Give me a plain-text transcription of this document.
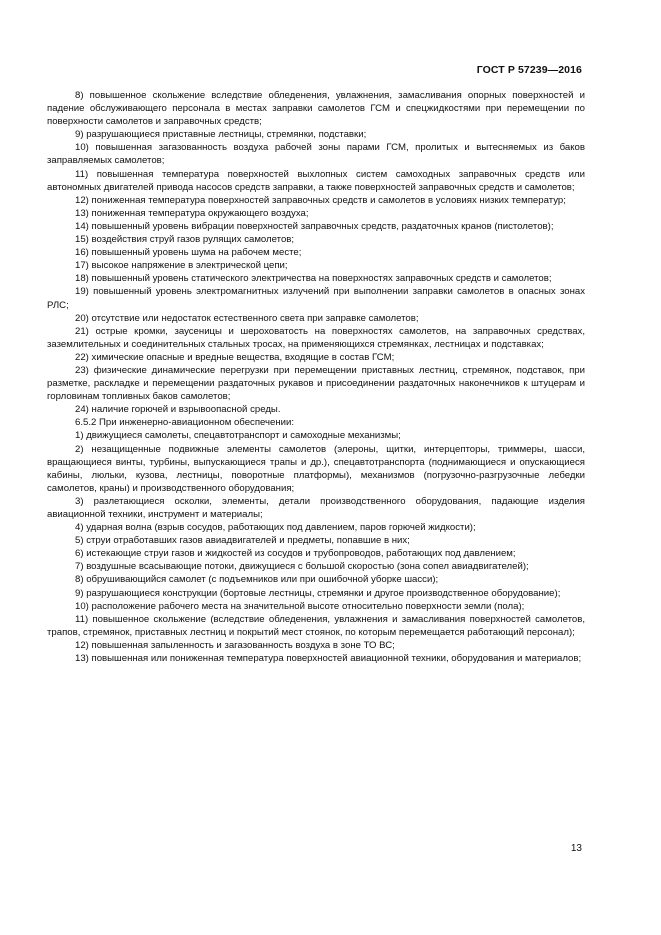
ГОСТ Р 57239—2016

8) повышенное скольжение вследствие обледенения, увлажнения, замасливания опорных поверхностей и падение обслуживающего персонала в местах заправки самолетов ГСМ и спецжидкостями при перемещении по поверхности самолетов и заправочных средств;

9) разрушающиеся приставные лестницы, стремянки, подставки;

10) повышенная загазованность воздуха рабочей зоны парами ГСМ, пролитых и вытесняемых из баков заправляемых самолетов;

11) повышенная температура поверхностей выхлопных систем самоходных заправочных средств или автономных двигателей привода насосов средств заправки, а также поверхностей заправочных средств и самолетов;

12) пониженная температура поверхностей заправочных средств и самолетов в условиях низких температур;

13) пониженная температура окружающего воздуха;

14) повышенный уровень вибрации поверхностей заправочных средств, раздаточных кранов (пистолетов);

15) воздействия струй газов рулящих самолетов;

16) повышенный уровень шума на рабочем месте;

17) высокое напряжение в электрической цепи;

18) повышенный уровень статического электричества на поверхностях заправочных средств и самолетов;

19) повышенный уровень электромагнитных излучений при выполнении заправки самолетов в опасных зонах РЛС;

20) отсутствие или недостаток естественного света при заправке самолетов;

21) острые кромки, заусеницы и шероховатость на поверхностях самолетов, на заправочных средствах, заземлительных и соединительных стальных тросах, на применяющихся стремянках, лестницах и подставках;

22) химические опасные и вредные вещества, входящие в состав ГСМ;

23) физические динамические перегрузки при перемещении приставных лестниц, стремянок, подставок, при разметке, раскладке и перемещении раздаточных рукавов и присоединении раздаточных наконечников к штуцерам и горловинам топливных баков самолетов;

24) наличие горючей и взрывоопасной среды.

6.5.2 При инженерно-авиационном обеспечении:

1) движущиеся самолеты, спецавтотранспорт и самоходные механизмы;

2) незащищенные подвижные элементы самолетов (элероны, щитки, интерцепторы, триммеры, шасси, вращающиеся винты, турбины, выпускающиеся трапы и др.), спецавтотранспорта (поднимающиеся и опускающиеся кабины, люльки, кузова, лестницы, поворотные платформы), механизмов (погрузочно-разгрузочные лебедки самолетов, краны) и производственного оборудования;

3) разлетающиеся осколки, элементы, детали производственного оборудования, падающие изделия авиационной техники, инструмент и материалы;

4) ударная волна (взрыв сосудов, работающих под давлением, паров горючей жидкости);

5) струи отработавших газов авиадвигателей и предметы, попавшие в них;

6) истекающие струи газов и жидкостей из сосудов и трубопроводов, работающих под давлением;

7) воздушные всасывающие потоки, движущиеся с большой скоростью (зона сопел авиадвигателей);

8) обрушивающийся самолет (с подъемников или при ошибочной уборке шасси);

9) разрушающиеся конструкции (бортовые лестницы, стремянки и другое производственное оборудование);

10) расположение рабочего места на значительной высоте относительно поверхности земли (пола);

11) повышенное скольжение (вследствие обледенения, увлажнения и замасливания поверхностей самолетов, трапов, стремянок, приставных лестниц и покрытий мест стоянок, по которым перемещается работающий персонал);

12) повышенная запыленность и загазованность воздуха в зоне ТО ВС;

13) повышенная или пониженная температура поверхностей авиационной техники, оборудования и материалов;

13
